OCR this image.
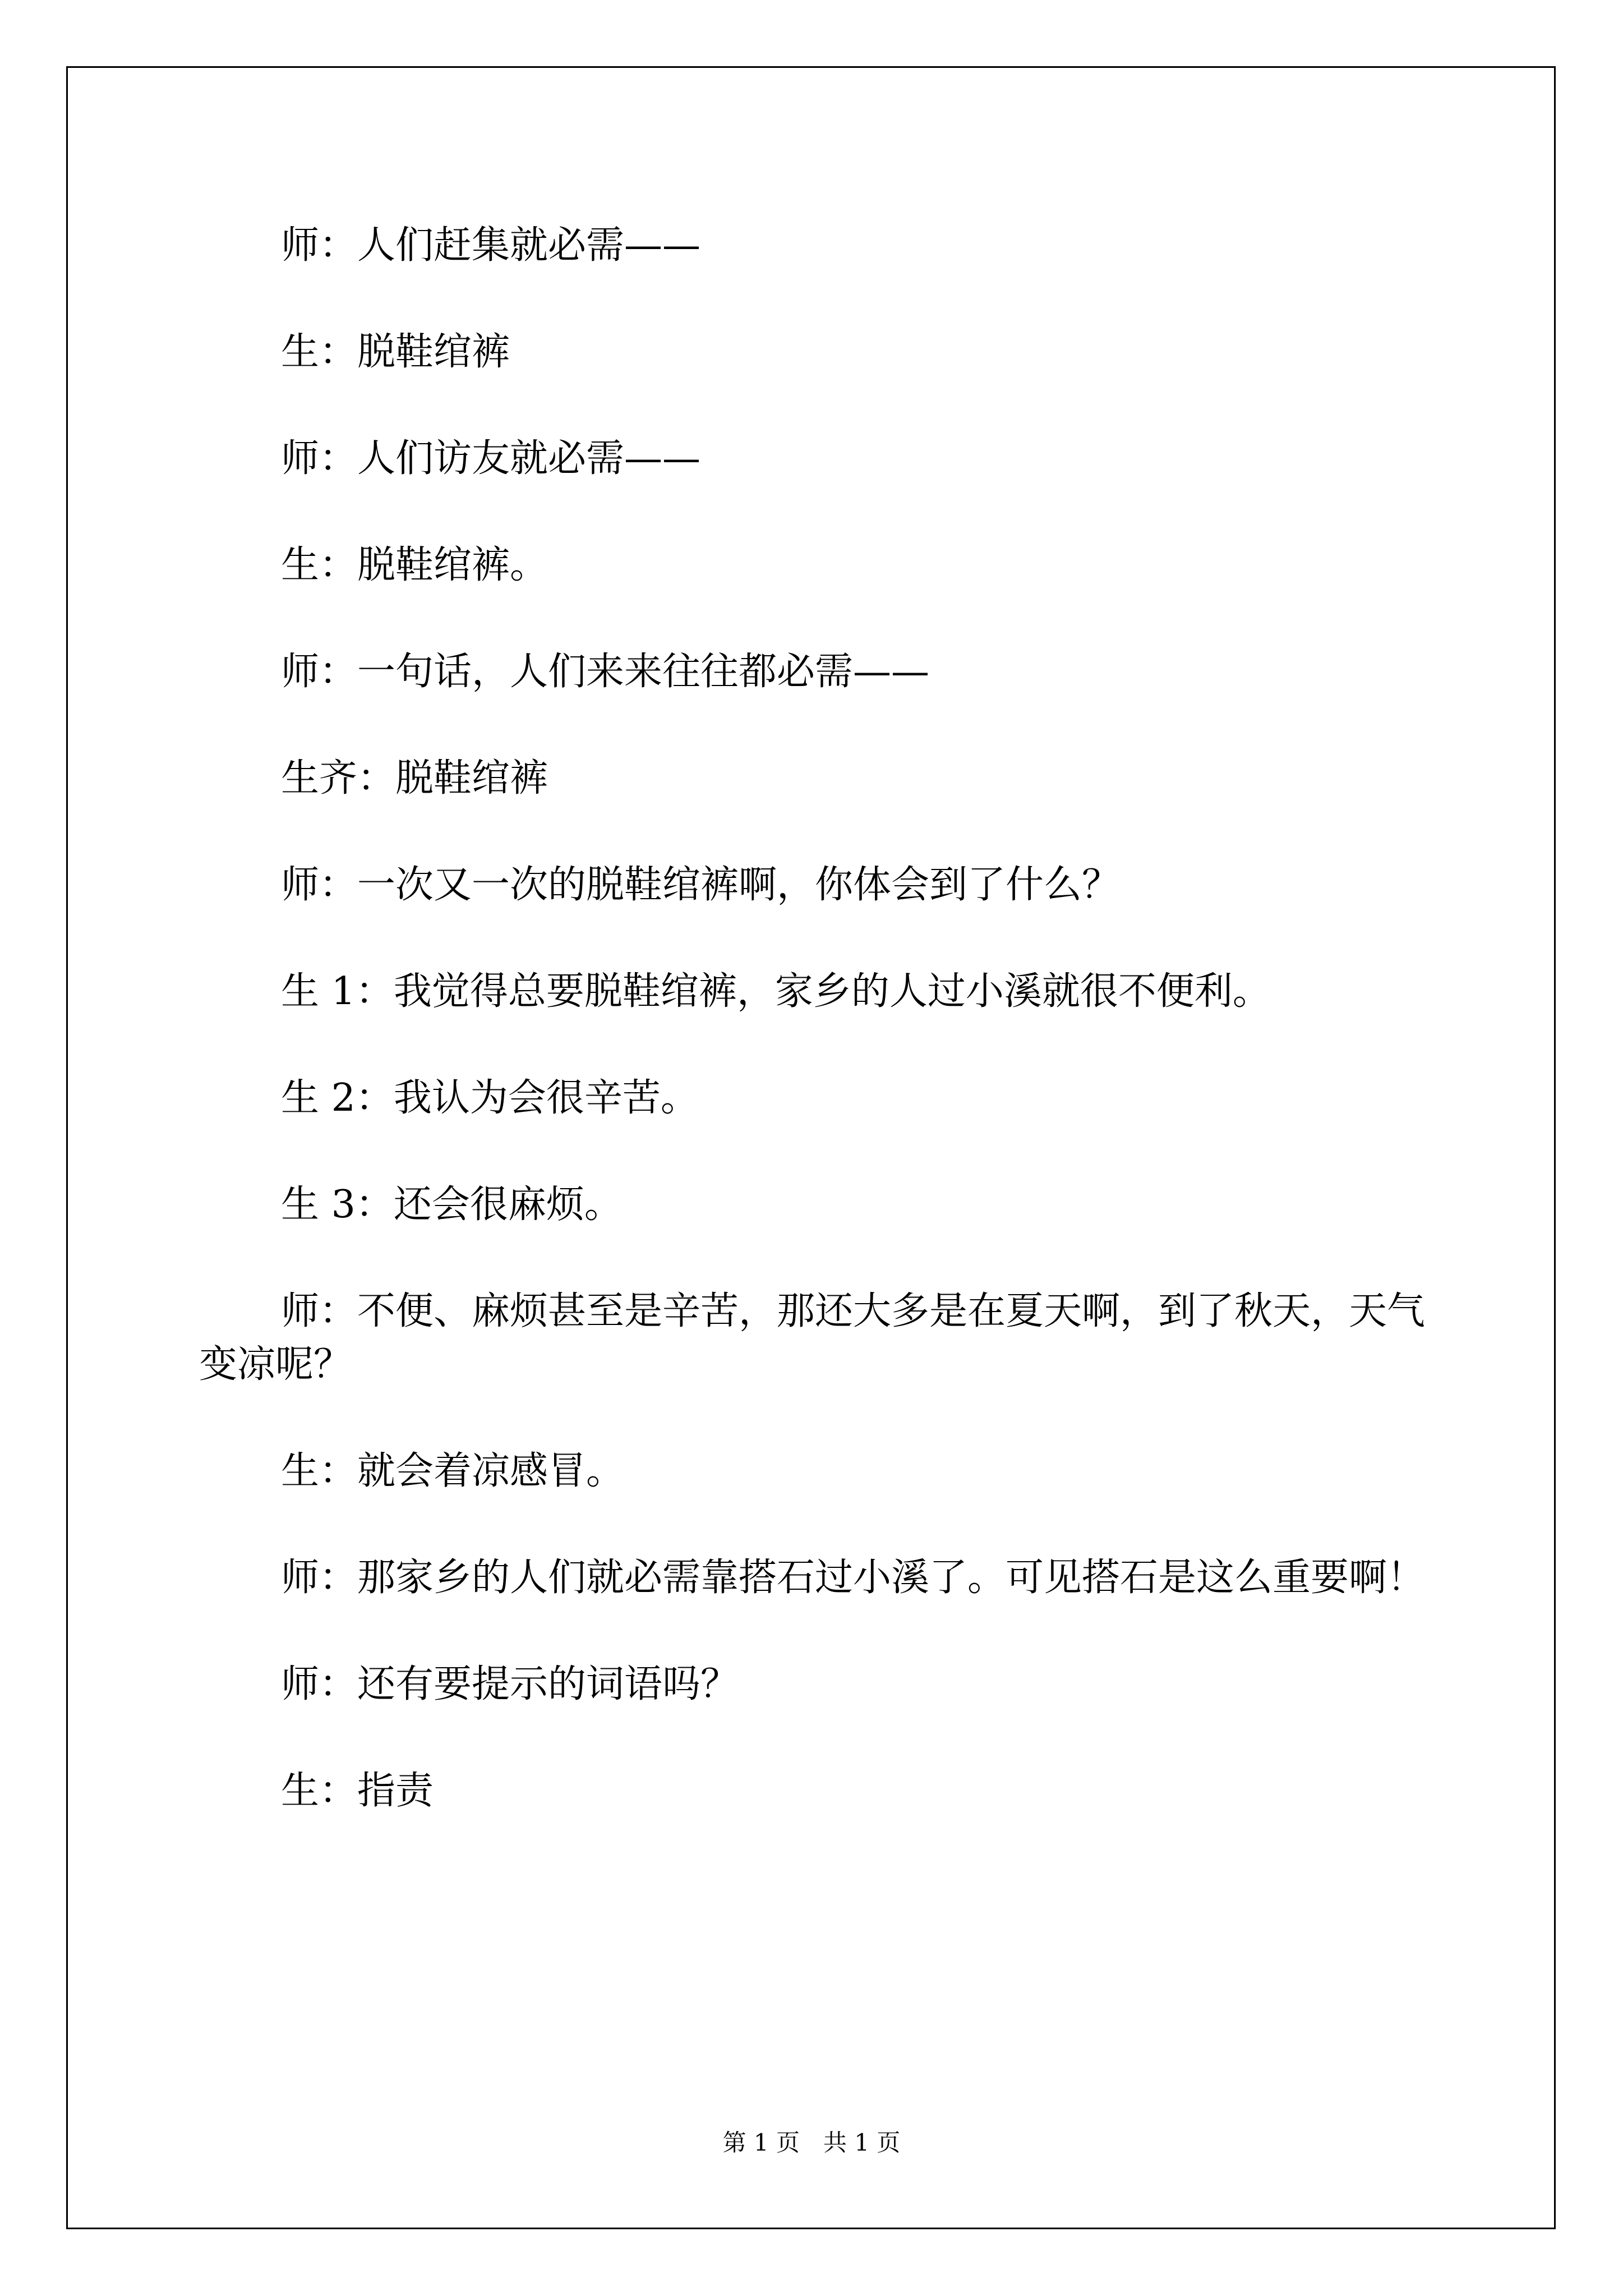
师：人们赶集就必需——

生：脱鞋绾裤

师：人们访友就必需——

生：脱鞋绾裤。

师：一句话，人们来来往往都必需——

生齐：脱鞋绾裤

师：一次又一次的脱鞋绾裤啊，你体会到了什么？

生 1：我觉得总要脱鞋绾裤，家乡的人过小溪就很不便利。

生 2：我认为会很辛苦。

生 3：还会很麻烦。

师：不便、麻烦甚至是辛苦，那还大多是在夏天啊，到了秋天，天气变凉呢？

生：就会着凉感冒。

师：那家乡的人们就必需靠搭石过小溪了。可见搭石是这么重要啊！

师：还有要提示的词语吗？

生：指责

第 1 页　共 1 页
